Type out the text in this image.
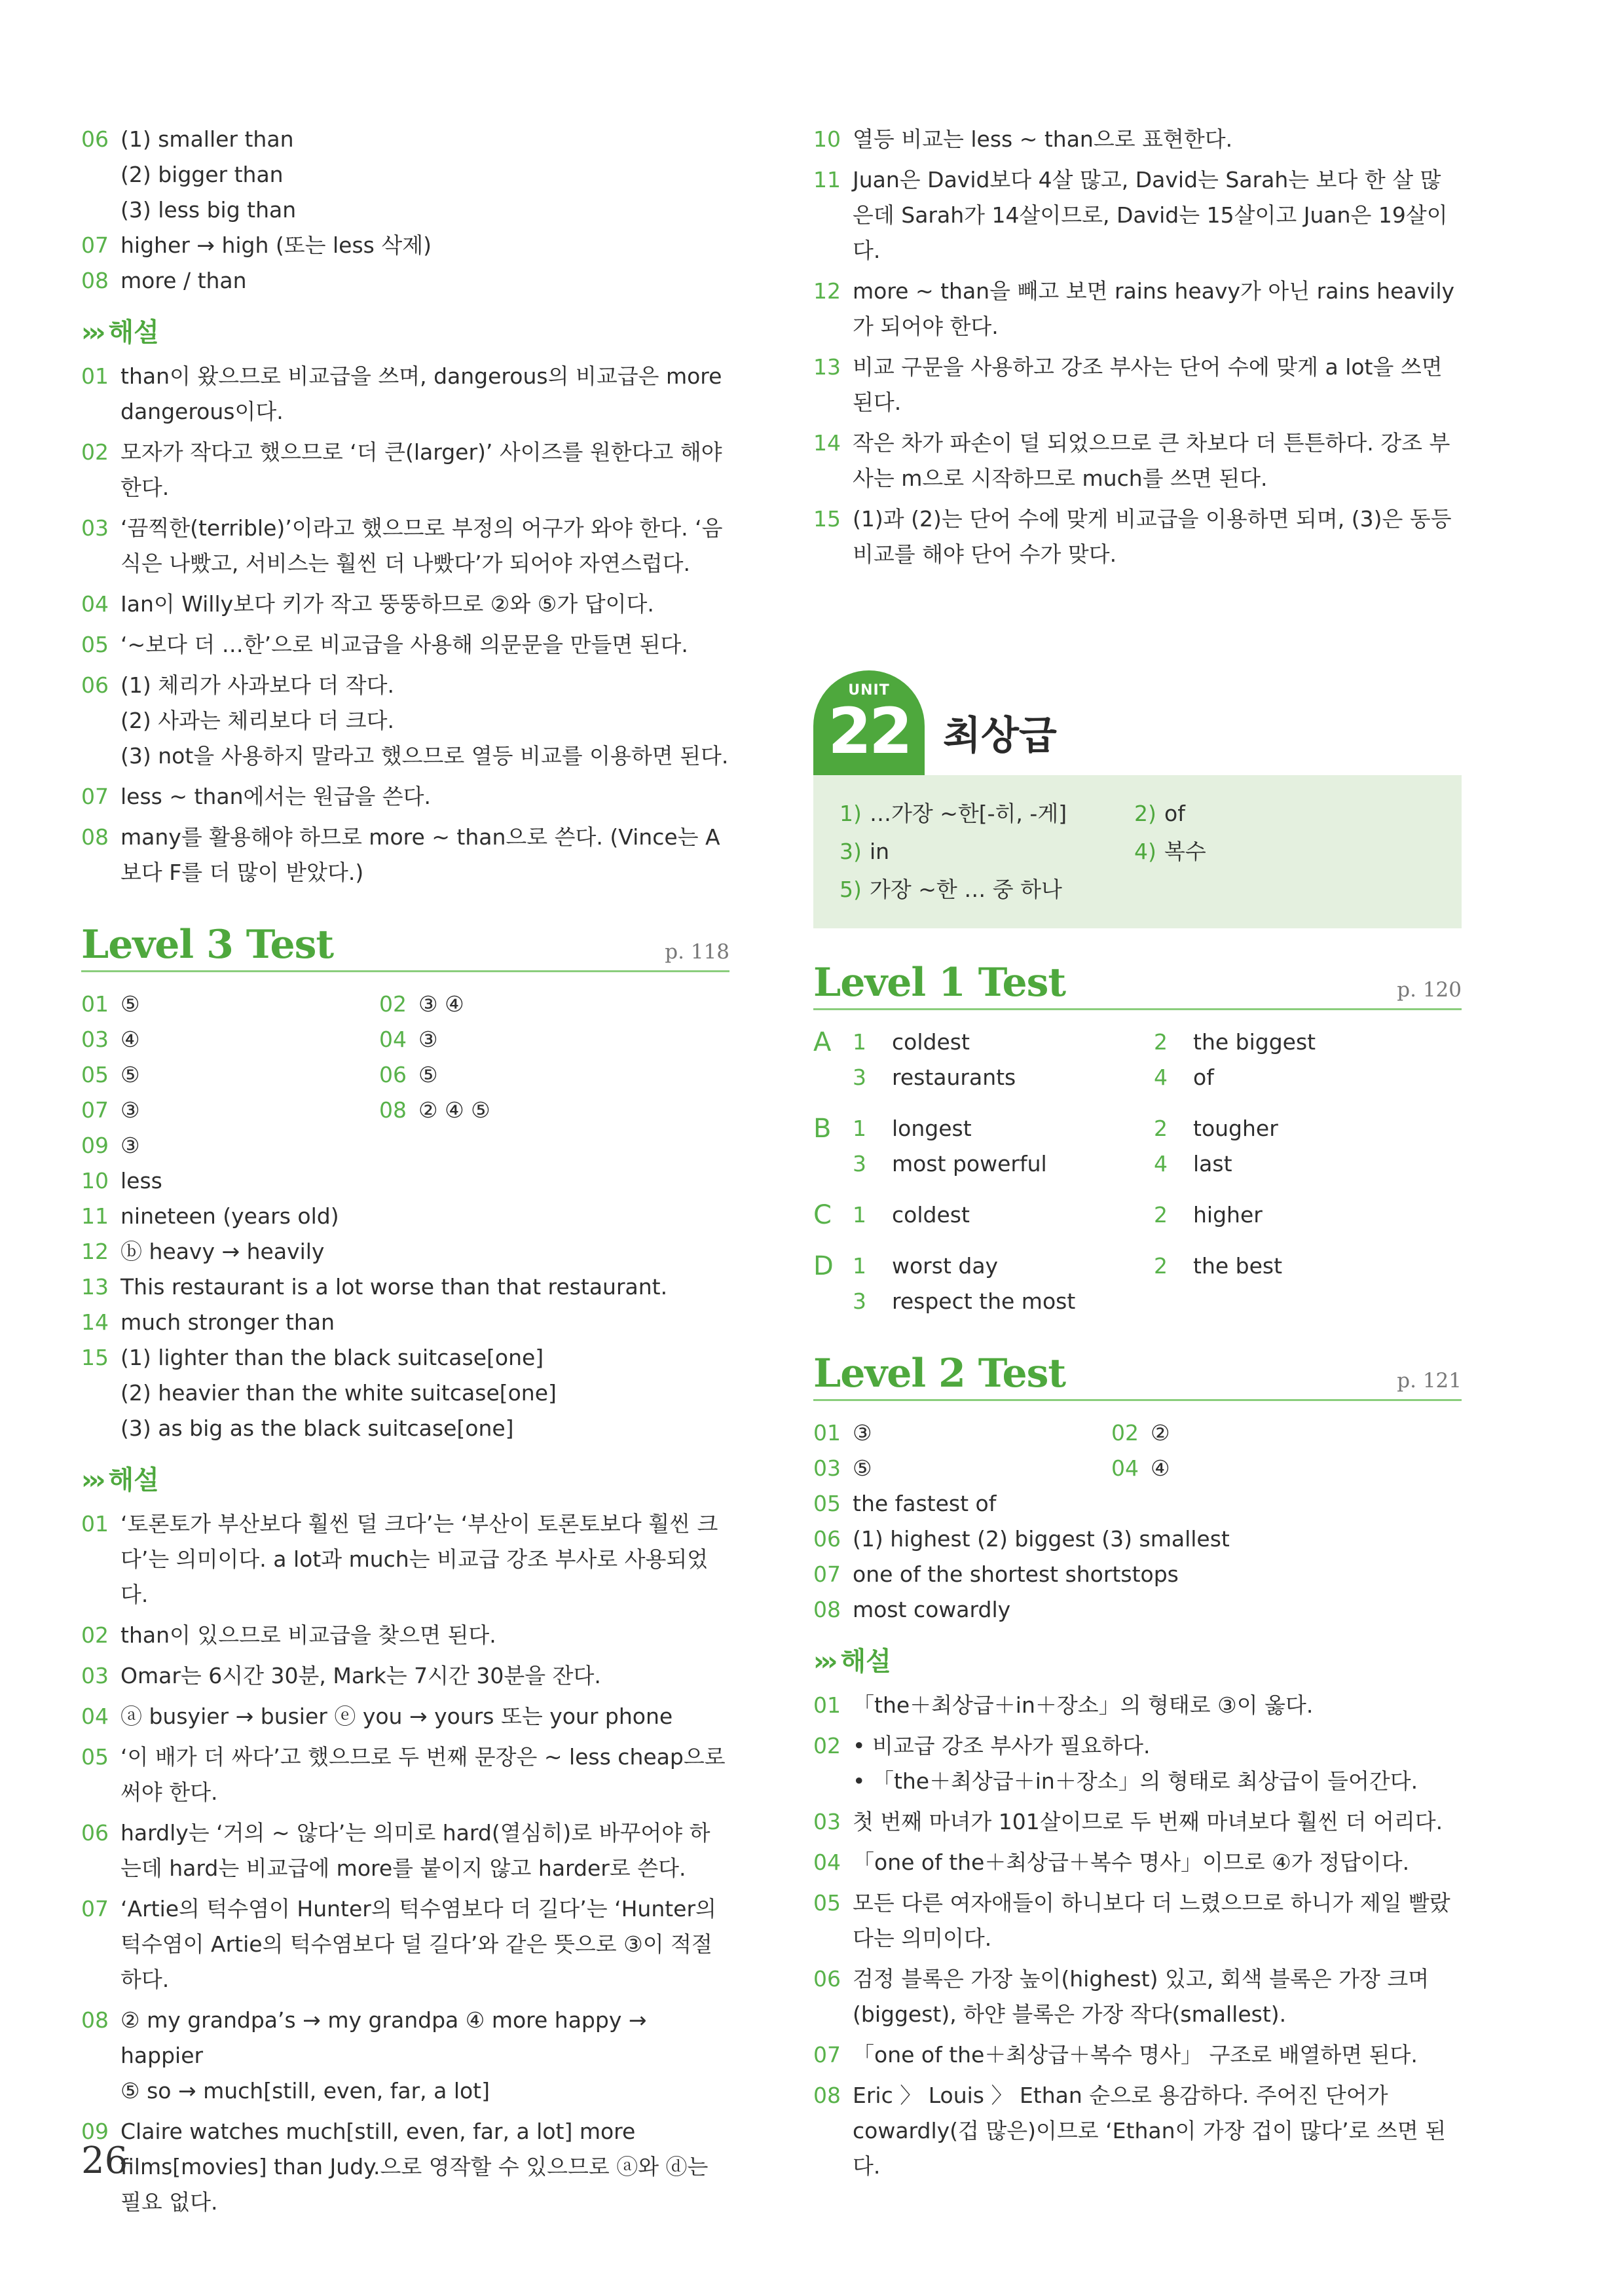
06 (1) smaller than
(2) bigger than
(3) less big than
07 higher → high (또는 less 삭제)
08 more / than
››› 해설
01 than이 왔으므로 비교급을 쓰며, dangerous의 비교급은 more dangerous이다.
02 모자가 작다고 했으므로 ‘더 큰(larger)’ 사이즈를 원한다고 해야 한다.
03 ‘끔찍한(terrible)’이라고 했으므로 부정의 어구가 와야 한다. ‘음식은 나빴고, 서비스는 훨씬 더 나빴다’가 되어야 자연스럽다.
04 Ian이 Willy보다 키가 작고 뚱뚱하므로 ②와 ⑤가 답이다.
05 ‘~보다 더 …한’으로 비교급을 사용해 의문문을 만들면 된다.
06 (1) 체리가 사과보다 더 작다.
(2) 사과는 체리보다 더 크다.
(3) not을 사용하지 말라고 했으므로 열등 비교를 이용하면 된다.
07 less ~ than에서는 원급을 쓴다.
08 many를 활용해야 하므로 more ~ than으로 쓴다. (Vince는 A보다 F를 더 많이 받았다.)
Level 3 Test	p. 118
01 ⑤	02 ③ ④
03 ④	04 ③
05 ⑤	06 ⑤
07 ③	08 ② ④ ⑤
09 ③
10 less
11 nineteen (years old)
12 ⓑ heavy → heavily
13 This restaurant is a lot worse than that restaurant.
14 much stronger than
15 (1) lighter than the black suitcase[one]
(2) heavier than the white suitcase[one]
(3) as big as the black suitcase[one]
››› 해설
01 ‘토론토가 부산보다 훨씬 덜 크다’는 ‘부산이 토론토보다 훨씬 크다’는 의미이다. a lot과 much는 비교급 강조 부사로 사용되었다.
02 than이 있으므로 비교급을 찾으면 된다.
03 Omar는 6시간 30분, Mark는 7시간 30분을 잔다.
04 ⓐ busyier → busier ⓔ you → yours 또는 your phone
05 ‘이 배가 더 싸다’고 했으므로 두 번째 문장은 ~ less cheap으로 써야 한다.
06 hardly는 ‘거의 ~ 않다’는 의미로 hard(열심히)로 바꾸어야 하는데 hard는 비교급에 more를 붙이지 않고 harder로 쓴다.
07 ‘Artie의 턱수염이 Hunter의 턱수염보다 더 길다’는 ‘Hunter의 턱수염이 Artie의 턱수염보다 덜 길다’와 같은 뜻으로 ③이 적절하다.
08 ② my grandpa’s → my grandpa ④ more happy → happier
⑤ so → much[still, even, far, a lot]
09 Claire watches much[still, even, far, a lot] more films[movies] than Judy.으로 영작할 수 있으므로 ⓐ와 ⓓ는 필요 없다.
10 열등 비교는 less ~ than으로 표현한다.
11 Juan은 David보다 4살 많고, David는 Sarah는 보다 한 살 많은데 Sarah가 14살이므로, David는 15살이고 Juan은 19살이다.
12 more ~ than을 빼고 보면 rains heavy가 아닌 rains heavily가 되어야 한다.
13 비교 구문을 사용하고 강조 부사는 단어 수에 맞게 a lot을 쓰면 된다.
14 작은 차가 파손이 덜 되었으므로 큰 차보다 더 튼튼하다. 강조 부사는 m으로 시작하므로 much를 쓰면 된다.
15 (1)과 (2)는 단어 수에 맞게 비교급을 이용하면 되며, (3)은 동등 비교를 해야 단어 수가 맞다.
UNIT
22 최상급
1) …가장 ~한[-히, -게]	2) of
3) in	4) 복수
5) 가장 ~한 … 중 하나
Level 1 Test	p. 120
A 1 coldest	2 the biggest
3 restaurants	4 of
B 1 longest	2 tougher
3 most powerful	4 last
C 1 coldest	2 higher
D 1 worst day	2 the best
3 respect the most
Level 2 Test	p. 121
01 ③	02 ②
03 ⑤	04 ④
05 the fastest of
06 (1) highest (2) biggest (3) smallest
07 one of the shortest shortstops
08 most cowardly
››› 해설
01 「the＋최상급＋in＋장소」의 형태로 ③이 옳다.
02 • 비교급 강조 부사가 필요하다.
• 「the＋최상급＋in＋장소」의 형태로 최상급이 들어간다.
03 첫 번째 마녀가 101살이므로 두 번째 마녀보다 훨씬 더 어리다.
04 「one of the＋최상급＋복수 명사」이므로 ④가 정답이다.
05 모든 다른 여자애들이 하니보다 더 느렸으므로 하니가 제일 빨랐다는 의미이다.
06 검정 블록은 가장 높이(highest) 있고, 회색 블록은 가장 크며(biggest), 하얀 블록은 가장 작다(smallest).
07 「one of the＋최상급＋복수 명사」 구조로 배열하면 된다.
08 Eric 〉 Louis 〉 Ethan 순으로 용감하다. 주어진 단어가 cowardly(겁 많은)이므로 ‘Ethan이 가장 겁이 많다’로 쓰면 된다.
26
